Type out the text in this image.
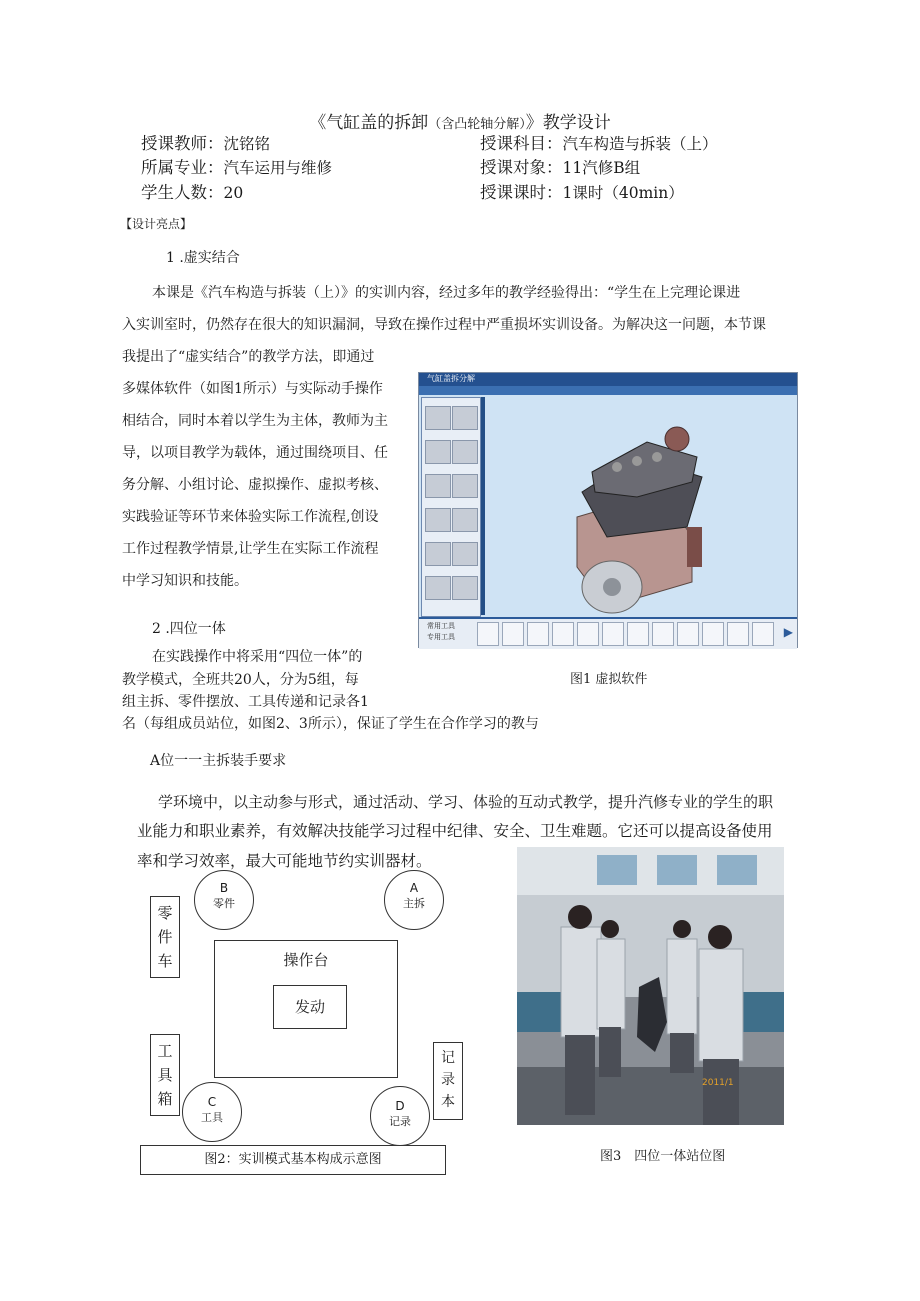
《气缸盖的拆卸（含凸轮轴分解）》教学设计
授课教师：沈铭铭	授课科目：汽车构造与拆装（上）
所属专业：汽车运用与维修	授课对象：11汽修B组
学生人数：20	授课课时：1课时（40min）
【设计亮点】
1 .虚实结合
本课是《汽车构造与拆装（上）》的实训内容，经过多年的教学经验得出：“学生在上完理论课进
入实训室时，仍然存在很大的知识漏洞，导致在操作过程中严重损坏实训设备。为解决这一问题，本节课
我提出了“虚实结合”的教学方法，即通过
多媒体软件（如图1所示）与实际动手操作
相结合，同时本着以学生为主体，教师为主
导，以项目教学为载体，通过围绕项目、任
务分解、小组讨论、虚拟操作、虚拟考核、
实践验证等环节来体验实际工作流程,创设
工作过程教学情景,让学生在实际工作流程
中学习知识和技能。
气缸盖拆分解
常用工具
专用工具	▶
图1 虚拟软件
2 .四位一体
在实践操作中将采用“四位一体”的
教学模式，全班共20人，分为5组，每
组主拆、零件摆放、工具传递和记录各1
名（每组成员站位，如图2、3所示），保证了学生在合作学习的教与
A位一一主拆装手要求
学环境中，以主动参与形式，通过活动、学习、体验的互动式教学，提升汽修专业的学生的职
业能力和职业素养，有效解决技能学习过程中纪律、安全、卫生难题。它还可以提高设备使用
率和学习效率，最大可能地节约实训器材。
B
零件
A
主拆
C
工具
D
记录
零
件
车	操作台
发动
工
具
箱
记
录
本
图2：实训模式基本构成示意图
2011/1
图3　四位一体站位图
